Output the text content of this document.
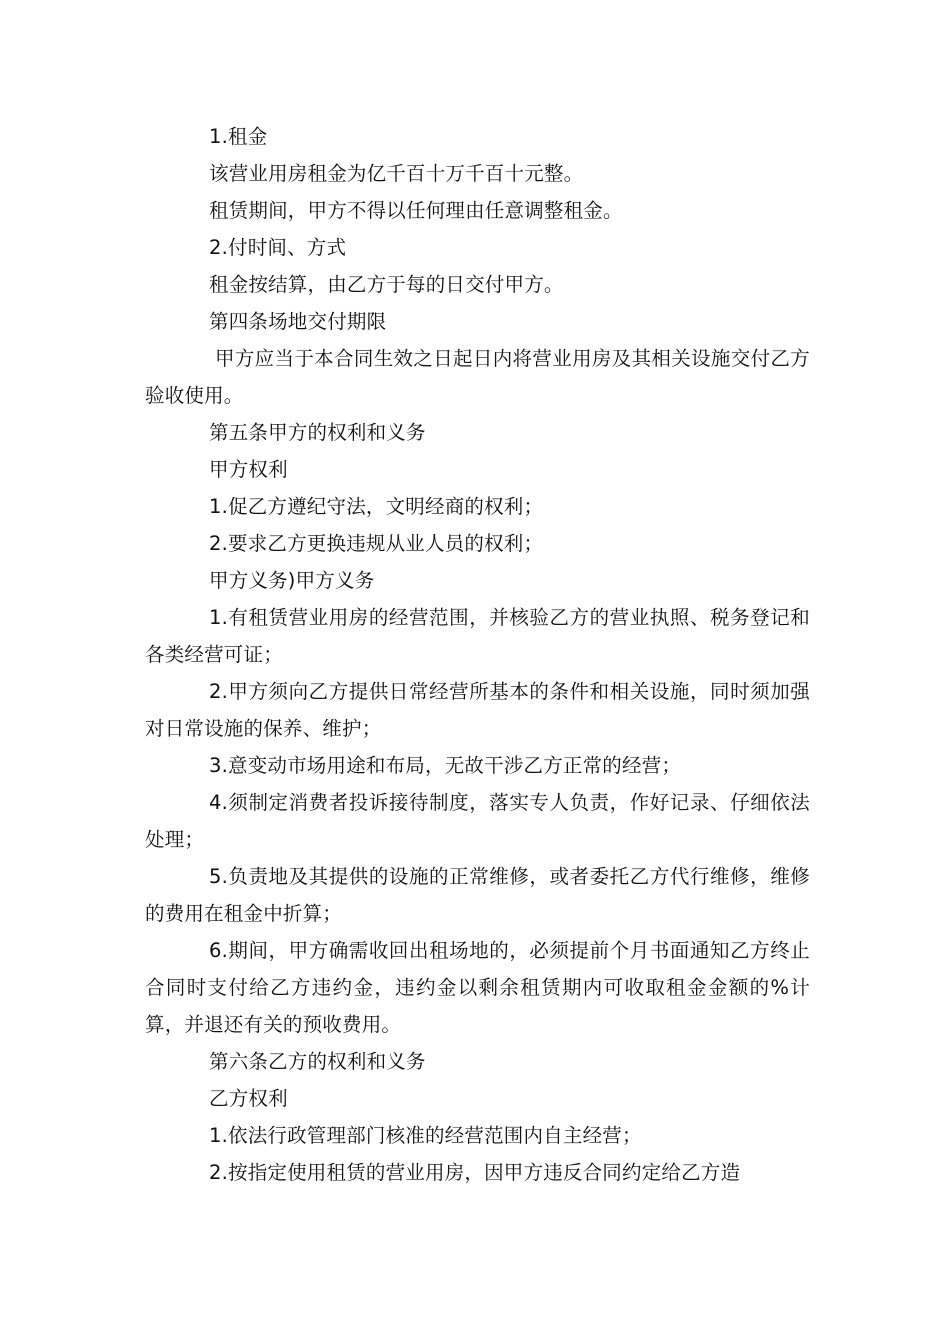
1.租金

该营业用房租金为亿千百十万千百十元整。

租赁期间，甲方不得以任何理由任意调整租金。

2.付时间、方式

租金按结算，由乙方于每的日交付甲方。

第四条场地交付期限

甲方应当于本合同生效之日起日内将营业用房及其相关设施交付乙方验收使用。

第五条甲方的权利和义务

甲方权利

1.促乙方遵纪守法，文明经商的权利；

2.要求乙方更换违规从业人员的权利；

甲方义务)甲方义务

1.有租赁营业用房的经营范围，并核验乙方的营业执照、税务登记和各类经营可证；

2.甲方须向乙方提供日常经营所基本的条件和相关设施，同时须加强对日常设施的保养、维护；

3.意变动市场用途和布局，无故干涉乙方正常的经营；

4.须制定消费者投诉接待制度，落实专人负责，作好记录、仔细依法处理；

5.负责地及其提供的设施的正常维修，或者委托乙方代行维修，维修的费用在租金中折算；

6.期间，甲方确需收回出租场地的，必须提前个月书面通知乙方终止合同时支付给乙方违约金，违约金以剩余租赁期内可收取租金金额的%计算，并退还有关的预收费用。

第六条乙方的权利和义务

乙方权利

1.依法行政管理部门核准的经营范围内自主经营；

2.按指定使用租赁的营业用房，因甲方违反合同约定给乙方造
